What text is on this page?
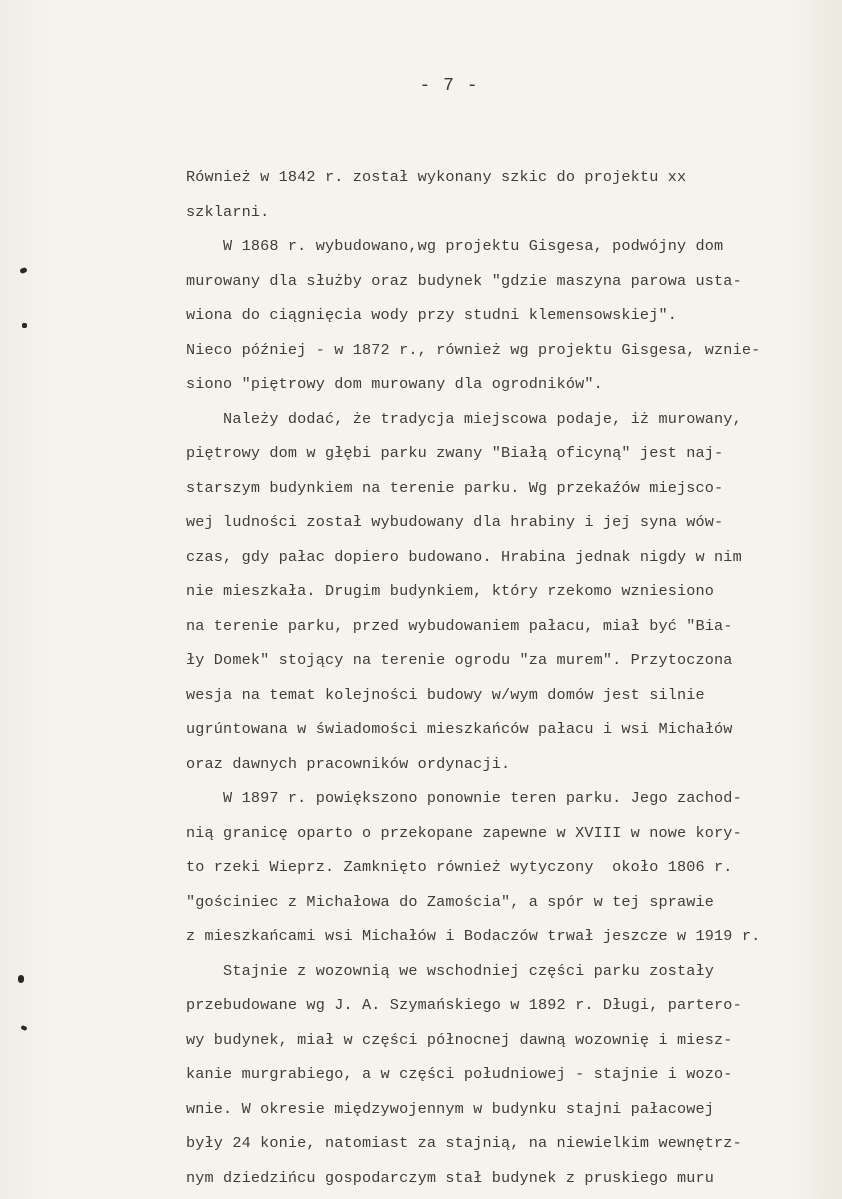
- 7 -
Również w 1842 r. został wykonany szkic do projektu xx
szklarni.
W 1868 r. wybudowano,wg projektu Gisgesa, podwójny dom
murowany dla służby oraz budynek "gdzie maszyna parowa usta-
wiona do ciągnięcia wody przy studni klemensowskiej".
Nieco później - w 1872 r., również wg projektu Gisgesa, wznie-
siono "piętrowy dom murowany dla ogrodników".
Należy dodać, że tradycja miejscowa podaje, iż murowany,
piętrowy dom w głębi parku zwany "Białą oficyną" jest naj-
starszym budynkiem na terenie parku. Wg przekaźów miejsco-
wej ludności został wybudowany dla hrabiny i jej syna wów-
czas, gdy pałac dopiero budowano. Hrabina jednak nigdy w nim
nie mieszkała. Drugim budynkiem, który rzekomo wzniesiono
na terenie parku, przed wybudowaniem pałacu, miał być "Bia-
ły Domek" stojący na terenie ogrodu "za murem". Przytoczona
wesja na temat kolejności budowy w/wym domów jest silnie
ugrúntowana w świadomości mieszkańców pałacu i wsi Michałów
oraz dawnych pracowników ordynacji.
W 1897 r. powiększono ponownie teren parku. Jego zachod-
nią granicę oparto o przekopane zapewne w XVIII w nowe kory-
to rzeki Wieprz. Zamknięto również wytyczony  około 1806 r.
"gościniec z Michałowa do Zamościa", a spór w tej sprawie
z mieszkańcami wsi Michałów i Bodaczów trwał jeszcze w 1919 r.
Stajnie z wozownią we wschodniej części parku zostały
przebudowane wg J. A. Szymańskiego w 1892 r. Długi, partero-
wy budynek, miał w części północnej dawną wozownię i miesz-
kanie murgrabiego, a w części południowej - stajnie i wozo-
wnie. W okresie międzywojennym w budynku stajni pałacowej
były 24 konie, natomiast za stajnią, na niewielkim wewnętrz-
nym dziedzińcu gospodarczym stał budynek z pruskiego muru
